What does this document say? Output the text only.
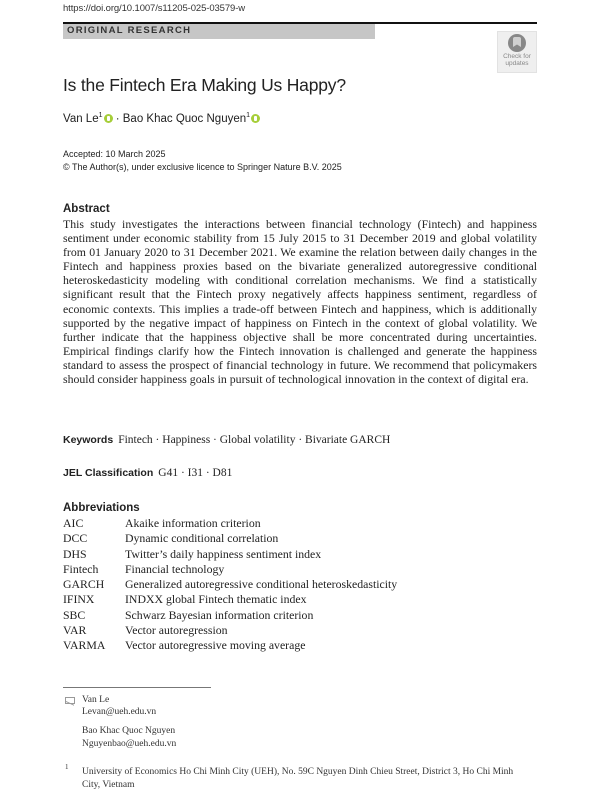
https://doi.org/10.1007/s11205-025-03579-w
ORIGINAL RESEARCH
Check for
updates
Is the Fintech Era Making Us Happy?
Van $Le^1$ · Bao Khac Quoc Nguyen$^1$
Accepted: 10 March 2025
© The Author(s), under exclusive licence to Springer Nature B.V. 2025
Abstract
This study investigates the interactions between financial technology (Fintech) and happiness sentiment under economic stability from 15 July 2015 to 31 December 2019 and global volatility from 01 January 2020 to 31 December 2021. We examine the relation between daily changes in the Fintech and happiness proxies based on the bivariate generalized autoregressive conditional heteroskedasticity modeling with conditional correlation mechanisms. We find a statistically significant result that the Fintech proxy negatively affects happiness sentiment, regardless of economic contexts. This implies a trade-off between Fintech and happiness, which is additionally supported by the negative impact of happiness on Fintech in the context of global volatility. We further indicate that the happiness objective shall be more concentrated during uncertainties. Empirical findings clarify how the Fintech innovation is challenged and generate the happiness standard to assess the prospect of financial technology in future. We recommend that policymakers should consider happiness goals in pursuit of technological innovation in the context of digital era.
Keywords Fintech · Happiness · Global volatility · Bivariate GARCH
JEL Classification G41 · I31 · D81
Abbreviations
AIC	Akaike information criterion
DCC	Dynamic conditional correlation
DHS	Twitter’s daily happiness sentiment index
Fintech	Financial technology
GARCH	Generalized autoregressive conditional heteroskedasticity
IFINX	INDXX global Fintech thematic index
SBC	Schwarz Bayesian information criterion
VAR	Vector autoregression
VARMA	Vector autoregressive moving average
Van Le
Levan@ueh.edu.vn
Bao Khac Quoc Nguyen
Nguyenbao@ueh.edu.vn
1 University of Economics Ho Chi Minh City (UEH), No. 59C Nguyen Dinh Chieu Street, District 3, Ho Chi Minh City, Vietnam
